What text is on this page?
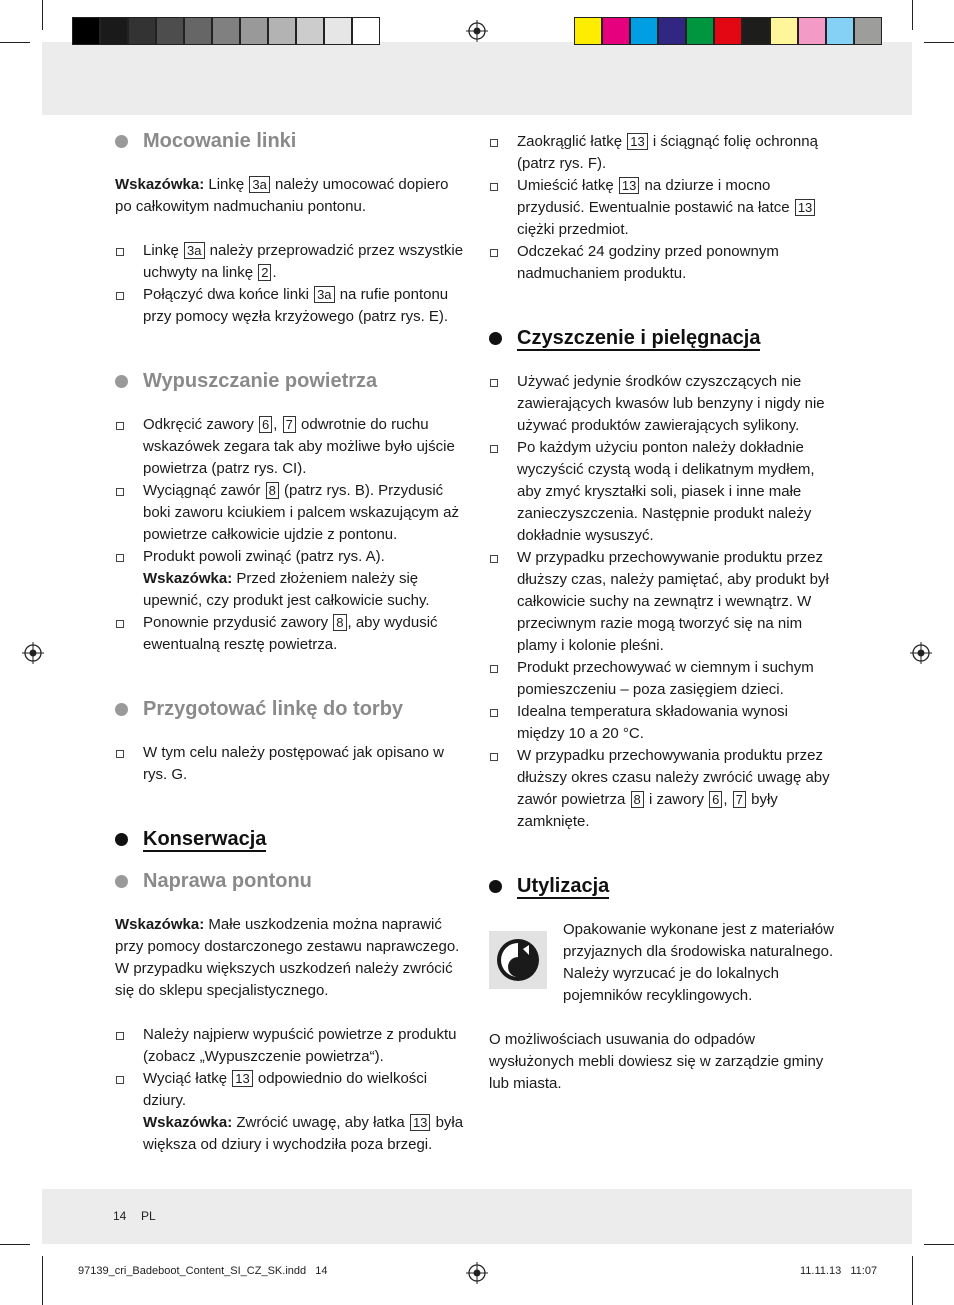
Mocowanie linki

Wskazówka: Linkę 3a należy umocować dopiero po całkowitym nadmuchaniu pontonu.

Linkę 3a należy przeprowadzić przez wszystkie uchwyty na linkę 2 .
Połączyć dwa końce linki 3a na rufie pontonu przy pomocy węzła krzyżowego (patrz rys. E).
Wypuszczanie powietrza
Odkręcić zawory 6 , 7 odwrotnie do ruchu wskazówek zegara tak aby możliwe było ujście powietrza (patrz rys. CI).
Wyciągnąć zawór 8 (patrz rys. B). Przydusić boki zaworu kciukiem i palcem wskazującym aż powietrze całkowicie ujdzie z pontonu.
Produkt powoli zwinąć (patrz rys. A).
Wskazówka: Przed złożeniem należy się upewnić, czy produkt jest całkowicie suchy.
Ponownie przydusić zawory 8 , aby wydusić ewentualną resztę powietrza.
Przygotować linkę do torby
W tym celu należy postępować jak opisano w rys. G.
Konserwacja
Naprawa pontonu

Wskazówka: Małe uszkodzenia można naprawić przy pomocy dostarczonego zestawu naprawczego. W przypadku większych uszkodzeń należy zwrócić się do sklepu specjalistycznego.

Należy najpierw wypuścić powietrze z produktu (zobacz „Wypuszczenie powietrza“).
Wyciąć łatkę 13 odpowiednio do wielkości dziury.
Wskazówka: Zwrócić uwagę, aby łatka 13 była większa od dziury i wychodziła poza brzegi.
Zaokrąglić łatkę 13 i ściągnąć folię ochronną (patrz rys. F).
Umieścić łatkę 13 na dziurze i mocno przydusić. Ewentualnie postawić na łatce 13 ciężki przedmiot.
Odczekać 24 godziny przed ponownym nadmuchaniem produktu.
Czyszczenie i pielęgnacja
Używać jedynie środków czyszczących nie zawierających kwasów lub benzyny i nigdy nie używać produktów zawierających sylikony.
Po każdym użyciu ponton należy dokładnie wyczyścić czystą wodą i delikatnym mydłem, aby zmyć kryształki soli, piasek i inne małe zanieczyszczenia. Następnie produkt należy dokładnie wysuszyć.
W przypadku przechowywanie produktu przez dłuższy czas, należy pamiętać, aby produkt był całkowicie suchy na zewnątrz i wewnątrz. W przeciwnym razie mogą tworzyć się na nim plamy i kolonie pleśni.
Produkt przechowywać w ciemnym i suchym pomieszczeniu – poza zasięgiem dzieci.
Idealna temperatura składowania wynosi między 10 a 20 °C.
W przypadku przechowywania produktu przez dłuższy okres czasu należy zwrócić uwagę aby zawór powietrza 8 i zawory 6 , 7 były zamknięte.
Utylizacja

Opakowanie wykonane jest z materiałów przyjaznych dla środowiska naturalnego. Należy wyrzucać je do lokalnych pojemników recyklingowych.

O możliwościach usuwania do odpadów wysłużonych mebli dowiesz się w zarządzie gminy lub miasta.

14 PL
97139_cri_Badeboot_Content_SI_CZ_SK.indd   14	11.11.13   11:07
